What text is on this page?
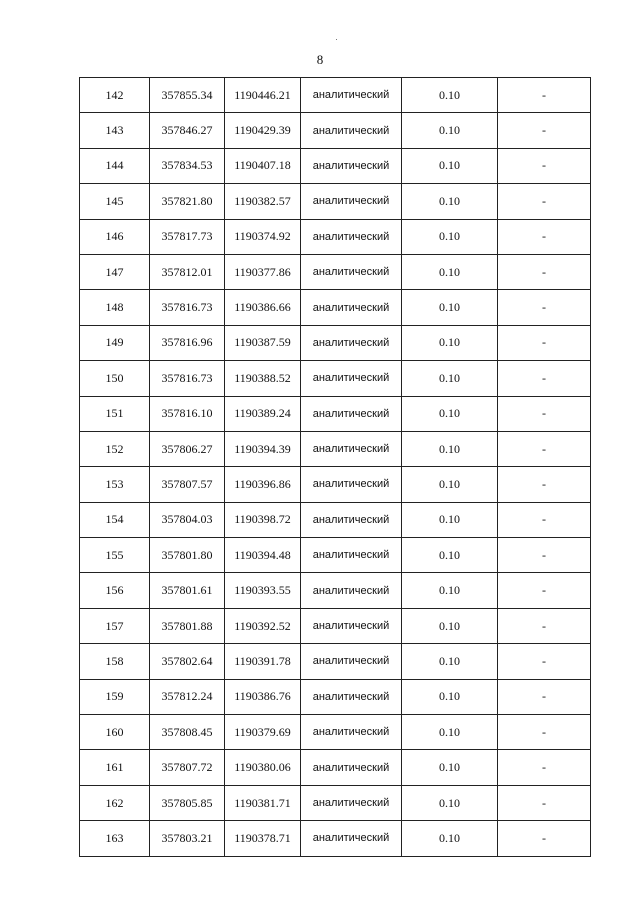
8
142	357855.34	1190446.21	аналитический	0.10	-
143	357846.27	1190429.39	аналитический	0.10	-
144	357834.53	1190407.18	аналитический	0.10	-
145	357821.80	1190382.57	аналитический	0.10	-
146	357817.73	1190374.92	аналитический	0.10	-
147	357812.01	1190377.86	аналитический	0.10	-
148	357816.73	1190386.66	аналитический	0.10	-
149	357816.96	1190387.59	аналитический	0.10	-
150	357816.73	1190388.52	аналитический	0.10	-
151	357816.10	1190389.24	аналитический	0.10	-
152	357806.27	1190394.39	аналитический	0.10	-
153	357807.57	1190396.86	аналитический	0.10	-
154	357804.03	1190398.72	аналитический	0.10	-
155	357801.80	1190394.48	аналитический	0.10	-
156	357801.61	1190393.55	аналитический	0.10	-
157	357801.88	1190392.52	аналитический	0.10	-
158	357802.64	1190391.78	аналитический	0.10	-
159	357812.24	1190386.76	аналитический	0.10	-
160	357808.45	1190379.69	аналитический	0.10	-
161	357807.72	1190380.06	аналитический	0.10	-
162	357805.85	1190381.71	аналитический	0.10	-
163	357803.21	1190378.71	аналитический	0.10	-
